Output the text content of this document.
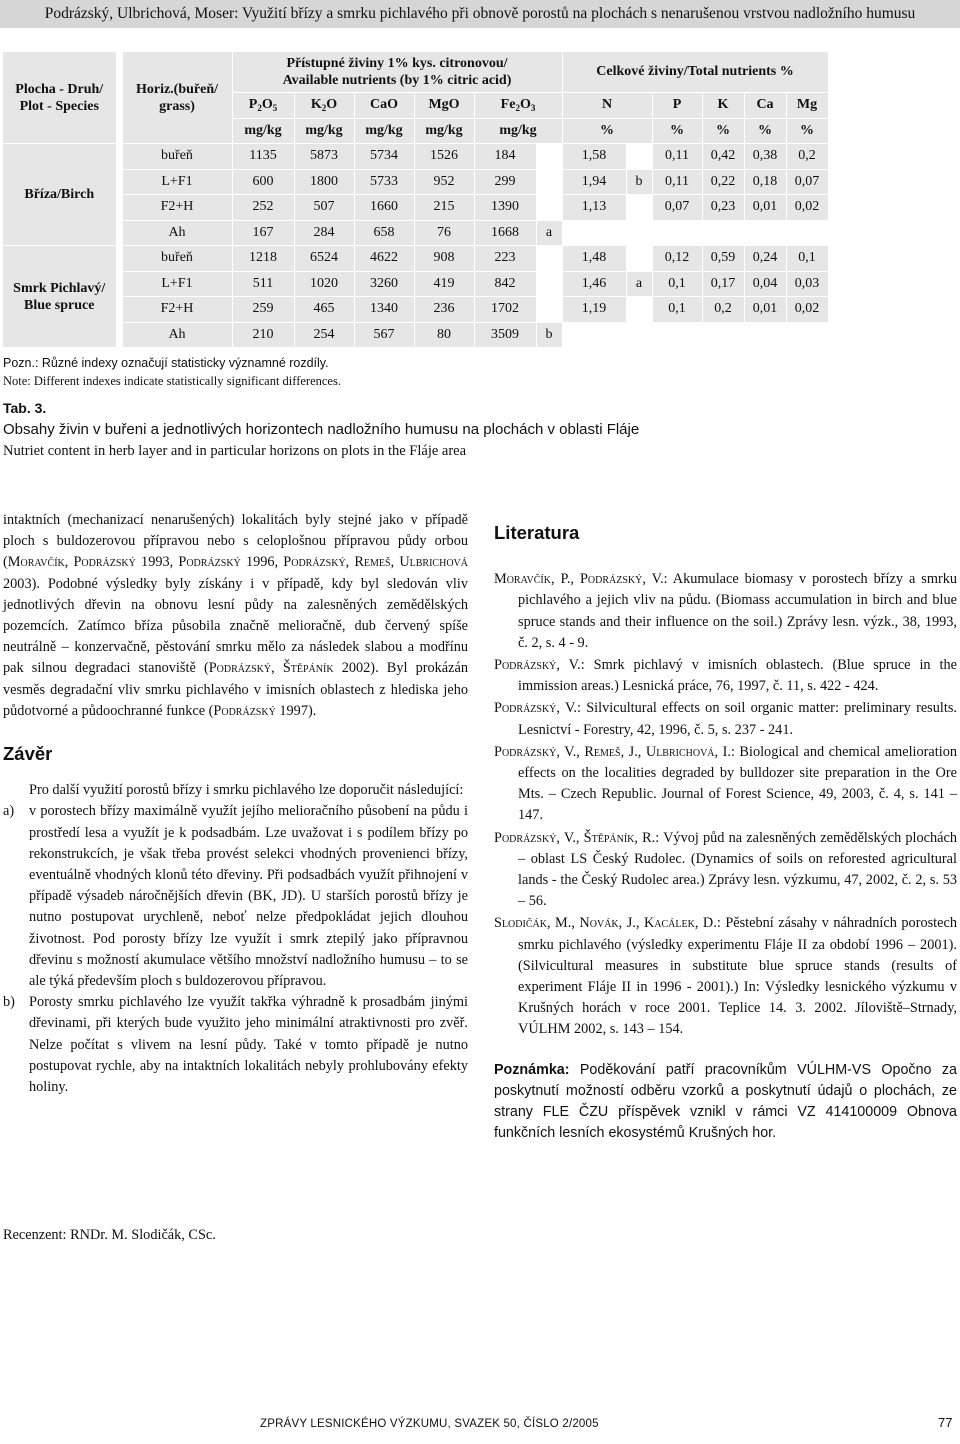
Podrázský, Ulbrichová, Moser: Využití břízy a smrku pichlavého při obnově porostů na plochách s nenarušenou vrstvou nadložního humusu
Plocha - Druh/
Plot - Species		Horiz.(buřeň/
grass)	Přístupné živiny 1% kys. citronovou/
Available nutrients (by 1% citric acid)						Celkové živiny/Total nutrients %					
			$P_2O_5$	$K_2O$	CaO	MgO	$Fe_2O_3$		N		P	K	Ca	Mg
			mg/kg	mg/kg	mg/kg	mg/kg	mg/kg		%		%	%	%	%
Bříza/Birch		buřeň	1135	5873	5734	1526	184		1,58		0,11	0,42	0,38	0,2
		L+F1	600	1800	5733	952	299		1,94	b	0,11	0,22	0,18	0,07
		F2+H	252	507	1660	215	1390		1,13		0,07	0,23	0,01	0,02
		Ah	167	284	658	76	1668	a						
Smrk Pichlavý/
Blue spruce		buřeň	1218	6524	4622	908	223		1,48		0,12	0,59	0,24	0,1
		L+F1	511	1020	3260	419	842		1,46	a	0,1	0,17	0,04	0,03
		F2+H	259	465	1340	236	1702		1,19		0,1	0,2	0,01	0,02
		Ah	210	254	567	80	3509	b						
Pozn.: Různé indexy označují statisticky významné rozdíly.
Note: Different indexes indicate statistically significant differences.
Tab. 3.
Obsahy živin v buřeni a jednotlivých horizontech nadložního humusu na plochách v oblasti Fláje
Nutriet content in herb layer and in particular horizons on plots in the Fláje area

intaktních (mechanizací nenarušených) lokalitách byly stejné jako v případě ploch s buldozerovou přípravou nebo s celoplošnou přípravou půdy orbou (Moravčík, Podrázský 1993, Podrázský 1996, Podrázský, Remeš, Ulbrichová 2003). Podobné výsledky byly získány i v případě, kdy byl sledován vliv jednotlivých dřevin na obnovu lesní půdy na zalesněných zemědělských pozemcích. Zatímco bříza působila značně melioračně, dub červený spíše neutrálně – konzervačně, pěstování smrku mělo za následek slabou a modřínu pak silnou degradaci stanoviště (Podrázský, Štěpáník 2002). Byl prokázán vesměs degradační vliv smrku pichlavého v imisních oblastech z hlediska jeho půdotvorné a půdoochranné funkce (Podrázský 1997).

Závěr

Pro další využití porostů břízy i smrku pichlavého lze doporučit následující:

a)	v porostech břízy maximálně využít jejího melioračního působení na půdu i prostředí lesa a využít je k podsadbám. Lze uvažovat i s podílem břízy po rekonstrukcích, je však třeba provést selekci vhodných provenienci břízy, eventuálně vhodných klonů této dřeviny. Při podsadbách využít přihnojení v případě výsadeb náročnějších dřevin (BK, JD). U starších porostů břízy je nutno postupovat urychleně, neboť nelze předpokládat jejich dlouhou životnost. Pod porosty břízy lze využít i smrk ztepilý jako přípravnou dřevinu s možností akumulace většího množství nadložního humusu – to se ale týká především ploch s buldozerovou přípravou.
b) Porosty smrku pichlavého lze využít takřka výhradně k prosadbám jinými dřevinami, při kterých bude využito jeho minimální atraktivnosti pro zvěř. Nelze počítat s vlivem na lesní půdy. Také v tomto případě je nutno postupovat rychle, aby na intaktních lokalitách nebyly prohlubovány efekty holiny.
Literatura

Moravčík, P., Podrázský, V.: Akumulace biomasy v porostech břízy a smrku pichlavého a jejich vliv na půdu. (Biomass accumulation in birch and blue spruce stands and their influence on the soil.) Zprávy lesn. výzk., 38, 1993, č. 2, s. 4 - 9.

Podrázský, V.: Smrk pichlavý v imisních oblastech. (Blue spruce in the immission areas.) Lesnická práce, 76, 1997, č. 11, s. 422 - 424.

Podrázský, V.: Silvicultural effects on soil organic matter: preliminary results. Lesnictví - Forestry, 42, 1996, č. 5, s. 237 - 241.

Podrázský, V., Remeš, J., Ulbrichová, I.: Biological and chemical amelioration effects on the localities degraded by bulldozer site preparation in the Ore Mts. – Czech Republic. Journal of Forest Science, 49, 2003, č. 4, s. 141 – 147.

Podrázský, V., Štěpáník, R.: Vývoj půd na zalesněných zemědělských plochách – oblast LS Český Rudolec. (Dynamics of soils on reforested agricultural lands - the Český Rudolec area.) Zprávy lesn. výzkumu, 47, 2002, č. 2, s. 53 – 56.

Slodičák, M., Novák, J., Kacálek, D.: Pěstební zásahy v náhradních porostech smrku pichlavého (výsledky experimentu Fláje II za období 1996 – 2001). (Silvicultural measures in substitute blue spruce stands (results of experiment Fláje II in 1996 - 2001).) In: Výsledky lesnického výzkumu v Krušných horách v roce 2001. Teplice 14. 3. 2002. Jíloviště–Strnady, VÚLHM 2002, s. 143 – 154.

Poznámka: Poděkování patří pracovníkům VÚLHM-VS Opočno za poskytnutí možností odběru vzorků a poskytnutí údajů o plochách, ze strany FLE ČZU příspěvek vznikl v rámci VZ 414100009 Obnova funkčních lesních ekosystémů Krušných hor.

Recenzent: RNDr. M. Slodičák, CSc.
ZPRÁVY LESNICKÉHO VÝZKUMU, SVAZEK 50, ČÍSLO 2/2005	77
